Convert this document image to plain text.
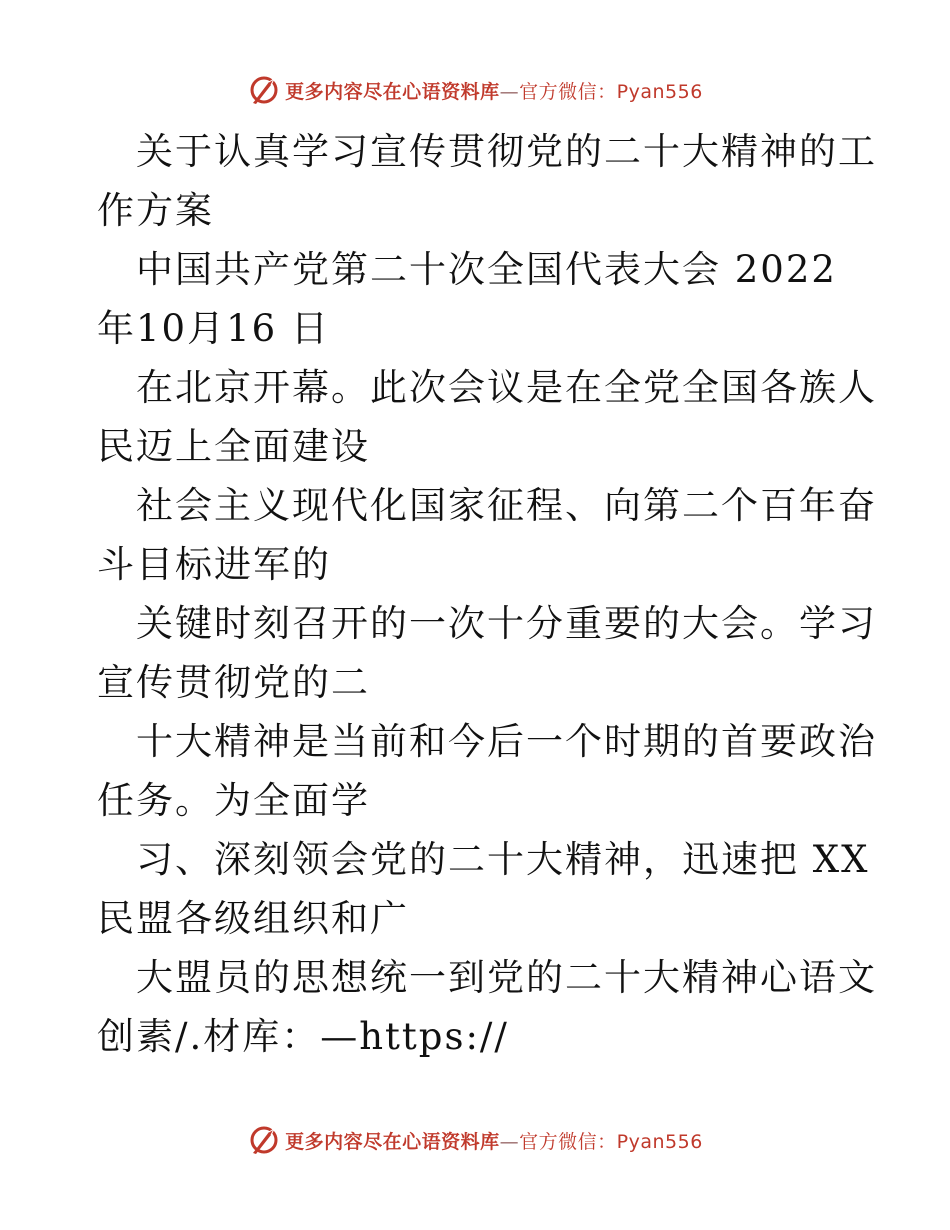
更多内容尽在心语资料库—官方微信：Pyan556

关于认真学习宣传贯彻党的二十大精神的工作方案

中国共产党第二十次全国代表大会 2022 年10月16 日

在北京开幕。此次会议是在全党全国各族人民迈上全面建设

社会主义现代化国家征程、向第二个百年奋斗目标进军的

关键时刻召开的一次十分重要的大会。学习宣传贯彻党的二

十大精神是当前和今后一个时期的首要政治任务。为全面学

习、深刻领会党的二十大精神，迅速把 XX 民盟各级组织和广

大盟员的思想统一到党的二十大精神心语文创素/.材库：—https://

更多内容尽在心语资料库—官方微信：Pyan556
